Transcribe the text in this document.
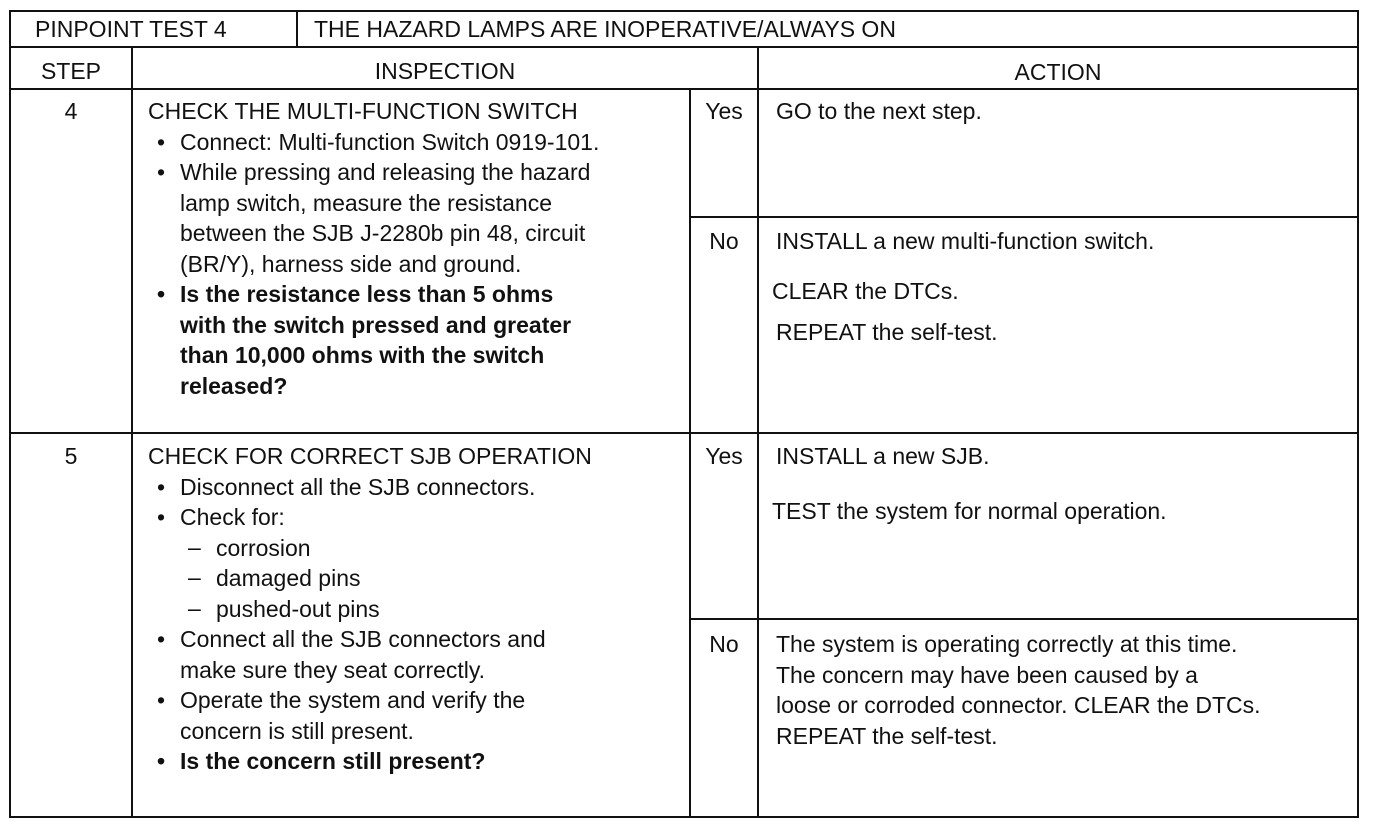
PINPOINT TEST 4	THE HAZARD LAMPS ARE INOPERATIVE/ALWAYS ON
STEP	INSPECTION	ACTION
4	CHECK THE MULTI-FUNCTION SWITCH
• Connect: Multi-function Switch 0919-101.
• While pressing and releasing the hazard
lamp switch, measure the resistance
between the SJB J-2280b pin 48, circuit
(BR/Y), harness side and ground.
• Is the resistance less than 5 ohms
with the switch pressed and greater
than 10,000 ohms with the switch
released?
Yes	GO to the next step.
No	INSTALL a new multi-function switch.
CLEAR the DTCs.
REPEAT the self-test.
5	CHECK FOR CORRECT SJB OPERATION
• Disconnect all the SJB connectors.
• Check for:
– corrosion
– damaged pins
– pushed-out pins
• Connect all the SJB connectors and
make sure they seat correctly.
• Operate the system and verify the
concern is still present.
• Is the concern still present?
Yes	INSTALL a new SJB.
TEST the system for normal operation.
No	The system is operating correctly at this time.
The concern may have been caused by a
loose or corroded connector. CLEAR the DTCs.
REPEAT the self-test.
